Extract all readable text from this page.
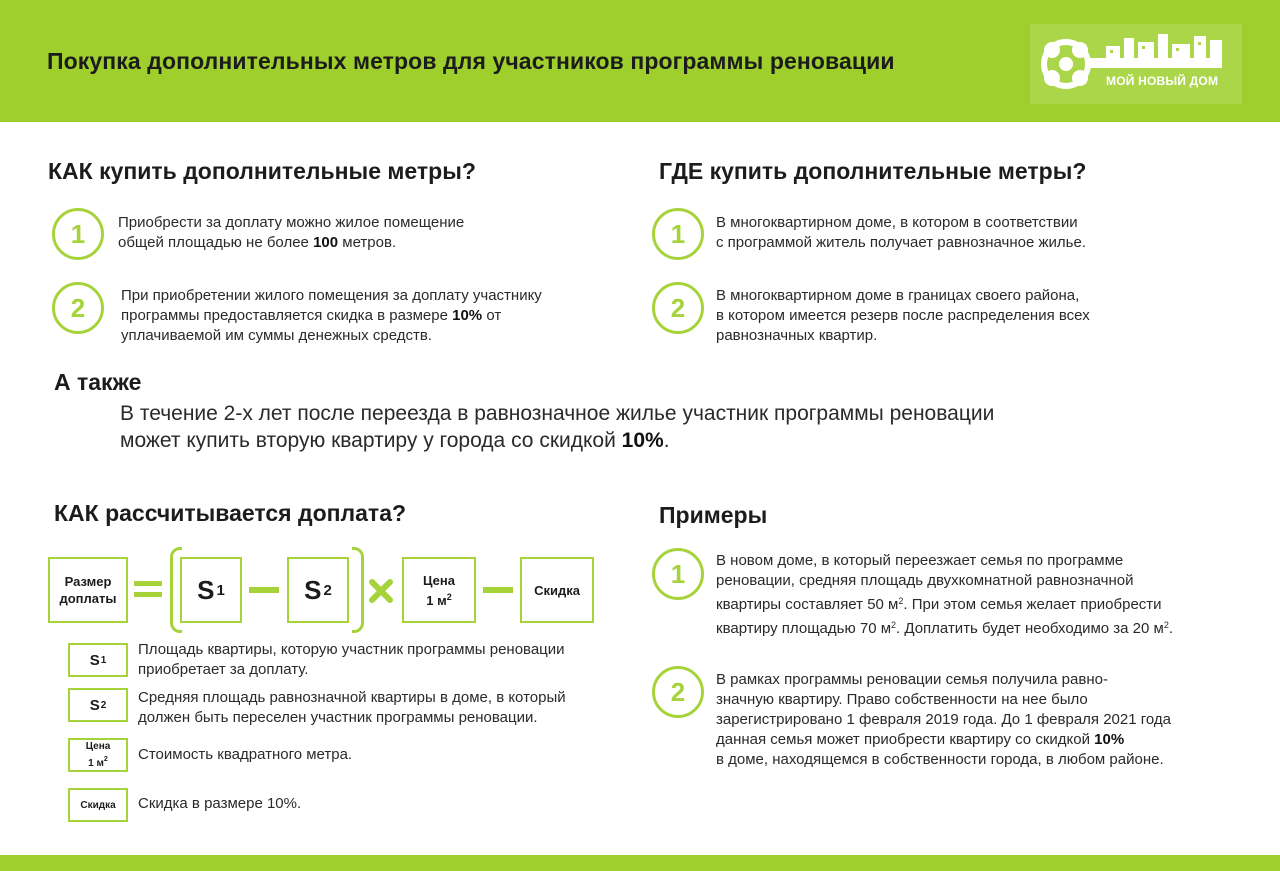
Покупка дополнительных метров для участников программы реновации
МОЙ НОВЫЙ ДОМ
КАК купить дополнительные метры?
1	Приобрести за доплату можно жилое помещение
общей площадью не более 100 метров.
2	При приобретении жилого помещения за доплату участнику
программы предоставляется скидка в размере 10% от
уплачиваемой им суммы денежных средств.
ГДЕ купить дополнительные метры?
1	В многоквартирном доме, в котором в соответствии
с программой житель получает равнозначное жилье.
2	В многоквартирном доме в границах своего района,
в котором имеется резерв после распределения всех
равнозначных квартир.
А также
В течение 2-х лет после переезда в равнозначное жилье участник программы реновации
может купить вторую квартиру у города со скидкой 10%.
КАК рассчитывается доплата?
Размер
доплаты	S 1	S 2
Цена
1 $м^2$	Скидка
S 1
Площадь квартиры, которую участник программы реновации
приобретает за доплату.
S 2 Средняя площадь равнозначной квартиры в доме, в который
должен быть переселен участник программы реновации.
Цена
1 $м^2$ Стоимость квадратного метра.
Скидка	Скидка в размере 10%.
Примеры
1	В новом доме, в который переезжает семья по программе
реновации, средняя площадь двухкомнатной равнозначной
квартиры составляет 50 $м^2$. При этом семья желает приобрести
квартиру площадью 70 $м^2$. Доплатить будет необходимо за 20 $м^2$.
2	В рамках программы реновации семья получила равно-
значную квартиру. Право собственности на нее было
зарегистрировано 1 февраля 2019 года. До 1 февраля 2021 года
данная семья может приобрести квартиру со скидкой 10%
в доме, находящемся в собственности города, в любом районе.
